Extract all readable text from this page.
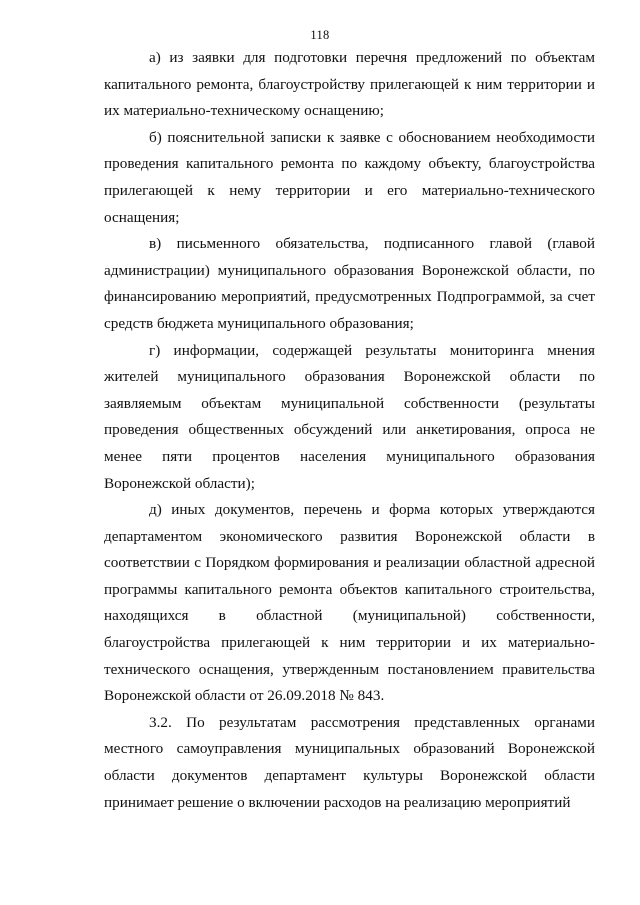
118

а) из заявки для подготовки перечня предложений по объектам капитального ремонта, благоустройству прилегающей к ним территории и их материально-техническому оснащению;

б) пояснительной записки к заявке с обоснованием необходимости проведения капитального ремонта по каждому объекту, благоустройства прилегающей к нему территории и его материально-технического оснащения;

в) письменного обязательства, подписанного главой (главой администрации) муниципального образования Воронежской области, по финансированию мероприятий, предусмотренных Подпрограммой, за счет средств бюджета муниципального образования;

г) информации, содержащей результаты мониторинга мнения жителей муниципального образования Воронежской области по заявляемым объектам муниципальной собственности (результаты проведения общественных обсуждений или анкетирования, опроса не менее пяти процентов населения муниципального образования Воронежской области);

д) иных документов, перечень и форма которых утверждаются департаментом экономического развития Воронежской области в соответствии с Порядком формирования и реализации областной адресной программы капитального ремонта объектов капитального строительства, находящихся в областной (муниципальной) собственности, благоустройства прилегающей к ним территории и их материально-технического оснащения, утвержденным постановлением правительства Воронежской области от 26.09.2018 № 843.

3.2. По результатам рассмотрения представленных органами местного самоуправления муниципальных образований Воронежской области документов департамент культуры Воронежской области принимает решение о включении расходов на реализацию мероприятий
